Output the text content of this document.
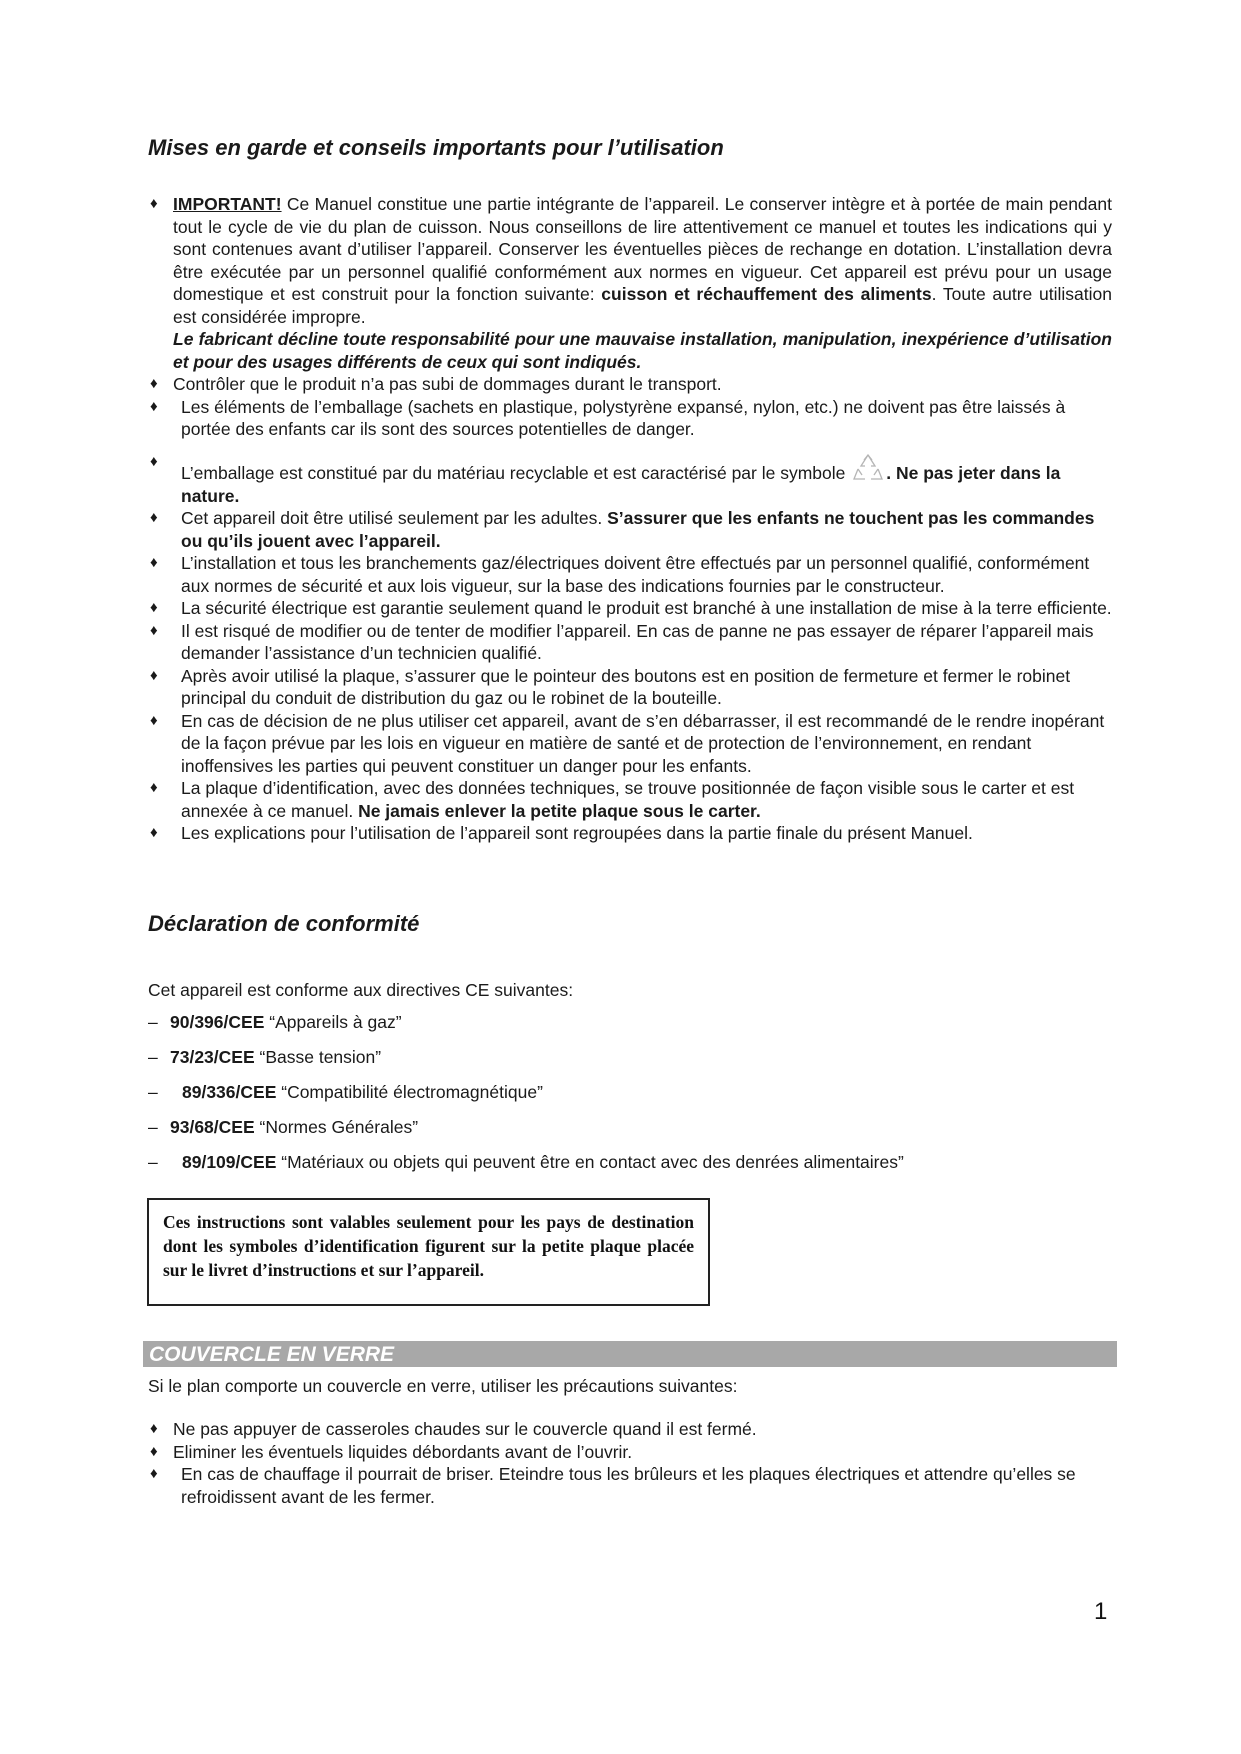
Mises en garde et conseils importants pour l’utilisation
♦ IMPORTANT! Ce Manuel constitue une partie intégrante de l’appareil. Le conserver intègre et à portée de main pendant tout le cycle de vie du plan de cuisson. Nous conseillons de lire attentivement ce manuel et toutes les indications qui y sont contenues avant d’utiliser l’appareil. Conserver les éventuelles pièces de rechange en dotation. L’installation devra être exécutée par un personnel qualifié conformément aux normes en vigueur. Cet appareil est prévu pour un usage domestique et est construit pour la fonction suivante: cuisson et réchauffement des aliments. Toute autre utilisation est considérée impropre.
Le fabricant décline toute responsabilité pour une mauvaise installation, manipulation, inexpérience d’utilisation et pour des usages différents de ceux qui sont indiqués.
♦ Contrôler que le produit n’a pas subi de dommages durant le transport.
♦ Les éléments de l’emballage (sachets en plastique, polystyrène expansé, nylon, etc.) ne doivent pas être laissés à portée des enfants car ils sont des sources potentielles de danger.
♦
L’emballage est constitué par du matériau recyclable et est caractérisé par le symbole . Ne pas jeter dans la nature.
♦ Cet appareil doit être utilisé seulement par les adultes. S’assurer que les enfants ne touchent pas les commandes ou qu’ils jouent avec l’appareil.
♦ L’installation et tous les branchements gaz/électriques doivent être effectués par un personnel qualifié, conformément aux normes de sécurité et aux lois vigueur, sur la base des indications fournies par le constructeur.
♦ La sécurité électrique est garantie seulement quand le produit est branché à une installation de mise à la terre efficiente.
♦ Il est risqué de modifier ou de tenter de modifier l’appareil. En cas de panne ne pas essayer de réparer l’appareil mais demander l’assistance d’un technicien qualifié.
♦ Après avoir utilisé la plaque, s’assurer que le pointeur des boutons est en position de fermeture et fermer le robinet principal du conduit de distribution du gaz ou le robinet de la bouteille.
♦ En cas de décision de ne plus utiliser cet appareil, avant de s’en débarrasser, il est recommandé de le rendre inopérant de la façon prévue par les lois en vigueur en matière de santé et de protection de l’environnement, en rendant inoffensives les parties qui peuvent constituer un danger pour les enfants.
♦ La plaque d’identification, avec des données techniques, se trouve positionnée de façon visible sous le carter et est annexée à ce manuel. Ne jamais enlever la petite plaque sous le carter.
♦ Les explications pour l’utilisation de l’appareil sont regroupées dans la partie finale du présent Manuel.
Déclaration de conformité

Cet appareil est conforme aux directives CE suivantes:

– 90/396/CEE “Appareils à gaz”
– 73/23/CEE “Basse tension”
– 89/336/CEE “Compatibilité électromagnétique”
– 93/68/CEE “Normes Générales”
– 89/109/CEE “Matériaux ou objets qui peuvent être en contact avec des denrées alimentaires”
Ces instructions sont valables seulement pour les pays de destination dont les symboles d’identification figurent sur la petite plaque placée sur le livret d’instructions et sur l’appareil.
COUVERCLE EN VERRE

Si le plan comporte un couvercle en verre, utiliser les précautions suivantes:

♦ Ne pas appuyer de casseroles chaudes sur le couvercle quand il est fermé.
♦ Eliminer les éventuels liquides débordants avant de l’ouvrir.
♦ En cas de chauffage il pourrait de briser. Eteindre tous les brûleurs et les plaques électriques et attendre qu’elles se refroidissent avant de les fermer.
1
